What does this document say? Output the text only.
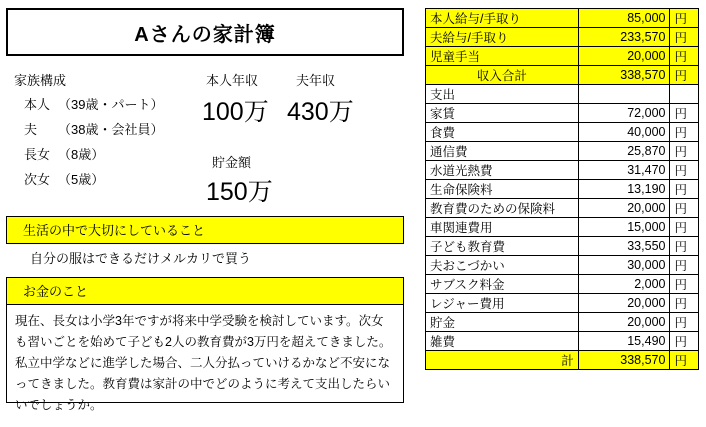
Aさんの家計簿
家族構成
本人 （39歳・パート）
夫 （38歳・会社員）
長女 （8歳）
次女 （5歳）
本人年収	夫年収
100万 430万
貯金額
150万
生活の中で大切にしていること
自分の服はできるだけメルカリで買う
お金のこと
現在、長女は小学3年ですが将来中学受験を検討しています。次女も習いごとを始めて子ども2人の教育費が3万円を超えてきました。私立中学などに進学した場合、二人分払っていけるかなど不安になってきました。教育費は家計の中でどのように考えて支出したらいいでしょうか。
本人給与/手取り	85,000	円
夫給与/手取り	233,570	円
児童手当	20,000	円
収入合計	338,570	円
支出		
家賃	72,000	円
食費	40,000	円
通信費	25,870	円
水道光熱費	31,470	円
生命保険料	13,190	円
教育費のための保険料	20,000	円
車関連費用	15,000	円
子ども教育費	33,550	円
夫おこづかい	30,000	円
サブスク料金	2,000	円
レジャー費用	20,000	円
貯金	20,000	円
雑費	15,490	円
計	338,570	円
